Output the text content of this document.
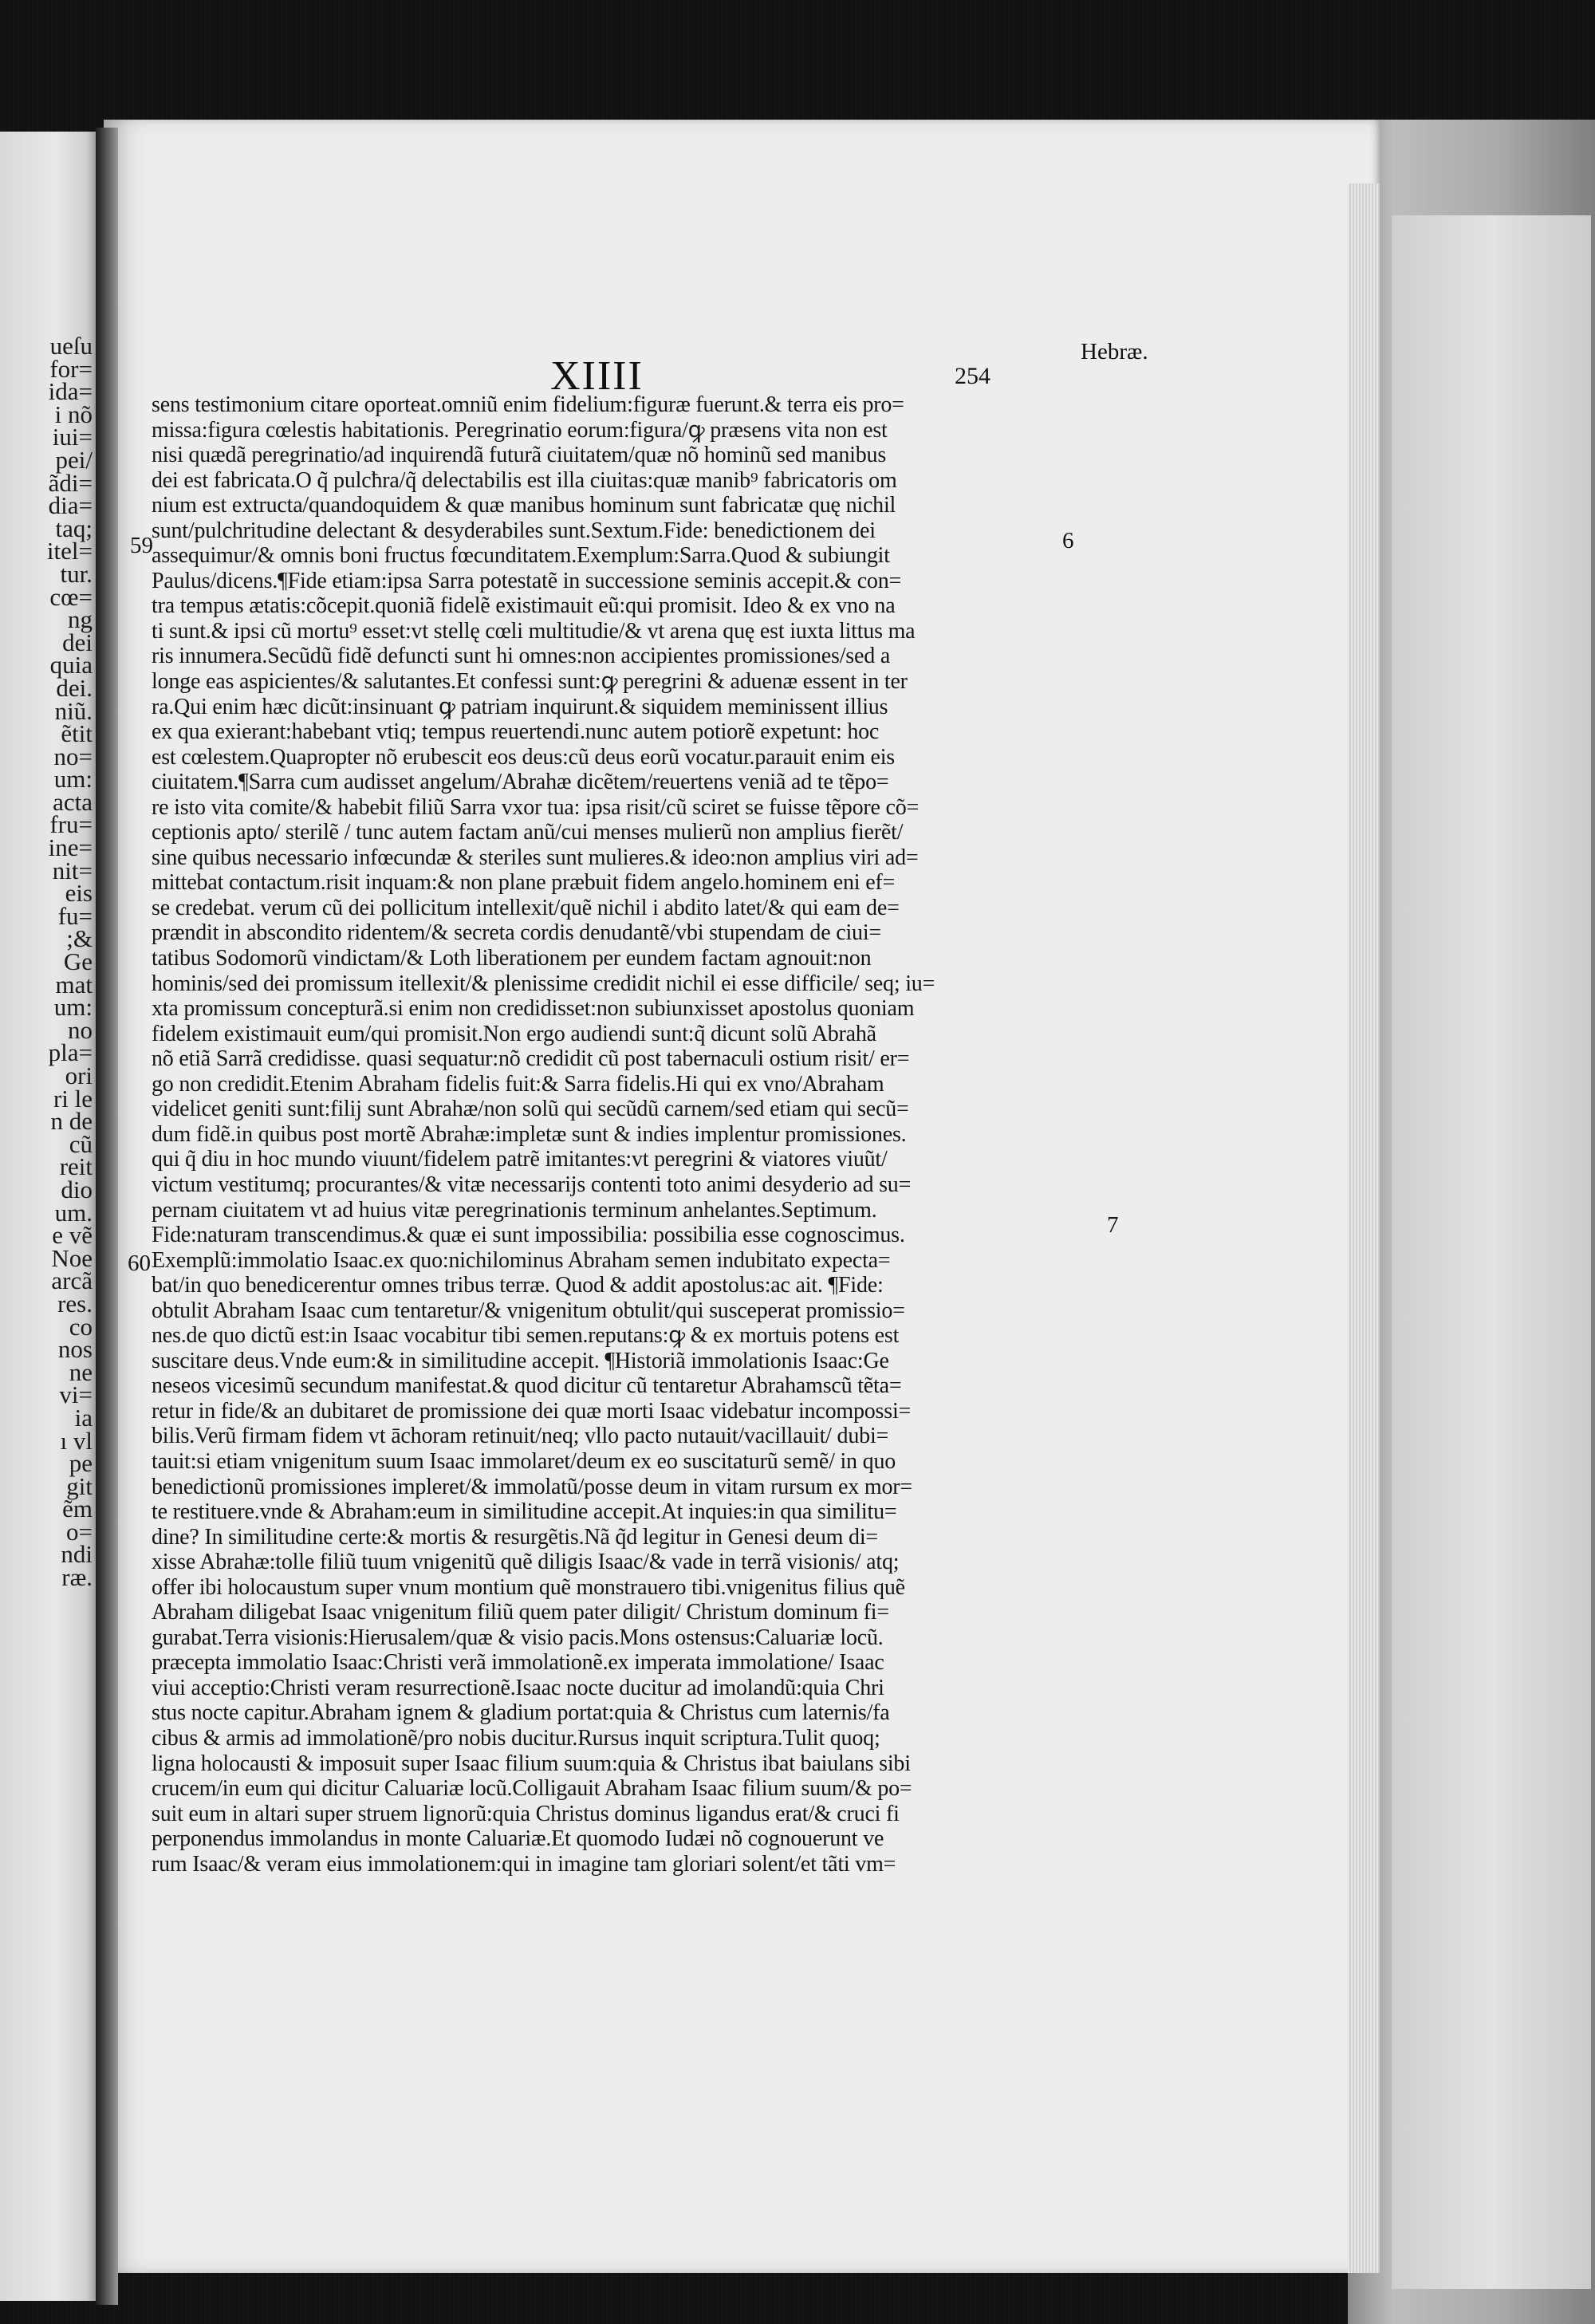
ueſu
for=
ida=
i nõ
iui=
pei/
ãdi=
dia=
taq;
itel=
tur.
cœ=
ng
dei
quia
dei.
niũ.
ẽtit
no=
um:
acta
fru=
ine=
nit=
eis
fu=
;&
Ge
mat
um:
no
pla=
ori
ri le
n de
cũ
reit
dio
um.
e vẽ
Noe
arcã
res.
co
nos
ne
vi=
ia
ı vl
pe
git
ẽm
o=
ndi
ræ.
Hebræ.
XIIII	254
59	6
7
60
sens testimonium citare oporteat.omniũ enim fidelium:figuræ fuerunt.& terra eis pro=
missa:figura cœlestis habitationis. Peregrinatio eorum:figura/ꝙ præsens vita non est
nisi quædã peregrinatio/ad inquirendã futurã ciuitatem/quæ nõ hominũ sed manibus
dei est fabricata.O q̃ pulcħra/q̃ delectabilis est illa ciuitas:quæ manib⁹ fabricatoris om
nium est extructa/quandoquidem & quæ manibus hominum sunt fabricatæ quę nichil
sunt/pulchritudine delectant & desyderabiles sunt.Sextum.Fide: benedictionem dei
assequimur/& omnis boni fructus fœcunditatem.Exemplum:Sarra.Quod & subiungit
Paulus/dicens.¶Fide etiam:ipsa Sarra potestatẽ in successione seminis accepit.& con=
tra tempus ætatis:cõcepit.quoniã fidelẽ existimauit eũ:qui promisit. Ideo & ex vno na
ti sunt.& ipsi cũ mortu⁹ esset:vt stellę cœli multitudie/& vt arena quę est iuxta littus ma
ris innumera.Secũdũ fidẽ defuncti sunt hi omnes:non accipientes promissiones/sed a
longe eas aspicientes/& salutantes.Et confessi sunt:ꝙ peregrini & aduenæ essent in ter
ra.Qui enim hæc dicũt:insinuant ꝙ patriam inquirunt.& siquidem meminissent illius
ex qua exierant:habebant vtiq; tempus reuertendi.nunc autem potiorẽ expetunt: hoc
est cœlestem.Quapropter nõ erubescit eos deus:cũ deus eorũ vocatur.parauit enim eis
ciuitatem.¶Sarra cum audisset angelum/Abrahæ dicẽtem/reuertens veniã ad te tẽpo=
re isto vita comite/& habebit filiũ Sarra vxor tua: ipsa risit/cũ sciret se fuisse tẽpore cõ=
ceptionis apto/ sterilẽ / tunc autem factam anũ/cui menses mulierũ non amplius fierẽt/
sine quibus necessario infœcundæ & steriles sunt mulieres.& ideo:non amplius viri ad=
mittebat contactum.risit inquam:& non plane præbuit fidem angelo.hominem eni ef=
se credebat. verum cũ dei pollicitum intellexit/quẽ nichil i abdito latet/& qui eam de=
prændit in abscondito ridentem/& secreta cordis denudantẽ/vbi stupendam de ciui=
tatibus Sodomorũ vindictam/& Loth liberationem per eundem factam agnouit:non
hominis/sed dei promissum itellexit/& plenissime credidit nichil ei esse difficile/ seq; iu=
xta promissum concepturã.si enim non credidisset:non subiunxisset apostolus quoniam
fidelem existimauit eum/qui promisit.Non ergo audiendi sunt:q̃ dicunt solũ Abrahã
nõ etiã Sarrã credidisse. quasi sequatur:nõ credidit cũ post tabernaculi ostium risit/ er=
go non credidit.Etenim Abraham fidelis fuit:& Sarra fidelis.Hi qui ex vno/Abraham
videlicet geniti sunt:filij sunt Abrahæ/non solũ qui secũdũ carnem/sed etiam qui secũ=
dum fidẽ.in quibus post mortẽ Abrahæ:impletæ sunt & indies implentur promissiones.
qui q̃ diu in hoc mundo viuunt/fidelem patrẽ imitantes:vt peregrini & viatores viuũt/
victum vestitumq; procurantes/& vitæ necessarijs contenti toto animi desyderio ad su=
pernam ciuitatem vt ad huius vitæ peregrinationis terminum anhelantes.Septimum.
Fide:naturam transcendimus.& quæ ei sunt impossibilia: possibilia esse cognoscimus.
Exemplũ:immolatio Isaac.ex quo:nichilominus Abraham semen indubitato expecta=
bat/in quo benedicerentur omnes tribus terræ. Quod & addit apostolus:ac ait. ¶Fide:
obtulit Abraham Isaac cum tentaretur/& vnigenitum obtulit/qui susceperat promissio=
nes.de quo dictũ est:in Isaac vocabitur tibi semen.reputans:ꝙ & ex mortuis potens est
suscitare deus.Vnde eum:& in similitudine accepit. ¶Historiã immolationis Isaac:Ge
neseos vicesimũ secundum manifestat.& quod dicitur cũ tentaretur Abrahamscũ tẽta=
retur in fide/& an dubitaret de promissione dei quæ morti Isaac videbatur incompossi=
bilis.Verũ firmam fidem vt āchoram retinuit/neq; vllo pacto nutauit/vacillauit/ dubi=
tauit:si etiam vnigenitum suum Isaac immolaret/deum ex eo suscitaturũ semẽ/ in quo
benedictionũ promissiones impleret/& immolatũ/posse deum in vitam rursum ex mor=
te restituere.vnde & Abraham:eum in similitudine accepit.At inquies:in qua similitu=
dine? In similitudine certe:& mortis & resurgẽtis.Nã q̃d legitur in Genesi deum di=
xisse Abrahæ:tolle filiũ tuum vnigenitũ quẽ diligis Isaac/& vade in terrã visionis/ atq;
offer ibi holocaustum super vnum montium quẽ monstrauero tibi.vnigenitus filius quẽ
Abraham diligebat Isaac vnigenitum filiũ quem pater diligit/ Christum dominum fi=
gurabat.Terra visionis:Hierusalem/quæ & visio pacis.Mons ostensus:Caluariæ locũ.
præcepta immolatio Isaac:Christi verã immolationẽ.ex imperata immolatione/ Isaac
viui acceptio:Christi veram resurrectionẽ.Isaac nocte ducitur ad imolandũ:quia Chri
stus nocte capitur.Abraham ignem & gladium portat:quia & Christus cum laternis/fa
cibus & armis ad immolationẽ/pro nobis ducitur.Rursus inquit scriptura.Tulit quoq;
ligna holocausti & imposuit super Isaac filium suum:quia & Christus ibat baiulans sibi
crucem/in eum qui dicitur Caluariæ locũ.Colligauit Abraham Isaac filium suum/& po=
suit eum in altari super struem lignorũ:quia Christus dominus ligandus erat/& cruci fi
perponendus immolandus in monte Caluariæ.Et quomodo Iudæi nõ cognouerunt ve
rum Isaac/& veram eius immolationem:qui in imagine tam gloriari solent/et tãti vm=
